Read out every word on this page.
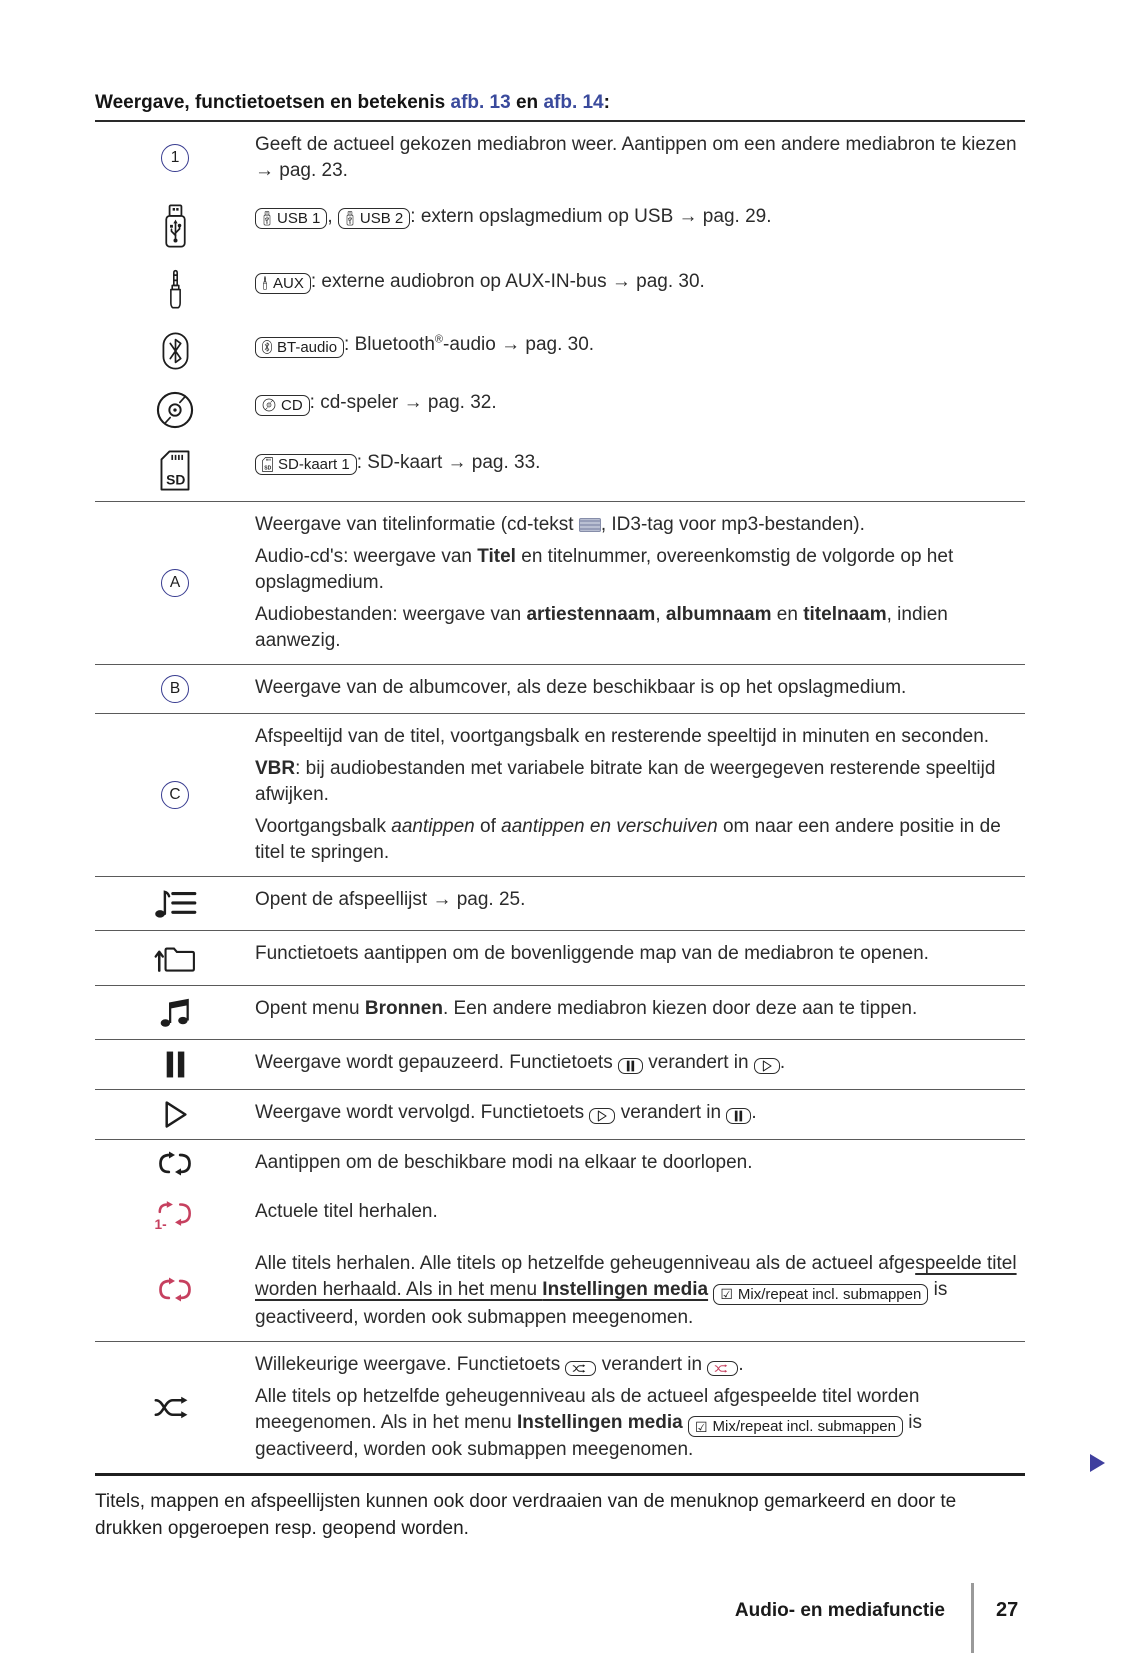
Weergave, functietoetsen en betekenis afb. 13 en afb. 14:
1

Geeft de actueel gekozen mediabron weer. Aantippen om een andere mediabron te kiezen → pag. 23.

USB 1 , USB 2 : extern opslagmedium op USB → pag. 29.

AUX : externe audiobron op AUX-IN-bus → pag. 30.

BT-audio : Bluetooth®-audio → pag. 30.

CD : cd-speler → pag. 32.

SD

SD SD-kaart 1 : SD-kaart → pag. 33.

A

Weergave van titelinformatie (cd-tekst , ID3-tag voor mp3-bestanden).

Audio-cd's: weergave van Titel en titelnummer, overeenkomstig de volgorde op het opslagmedium.

Audiobestanden: weergave van artiestennaam, albumnaam en titelnaam, indien aanwezig.

B	Weergave van de albumcover, als deze beschikbaar is op het opslagmedium.

C

Afspeeltijd van de titel, voortgangsbalk en resterende speeltijd in minuten en seconden.

VBR: bij audiobestanden met variabele bitrate kan de weergegeven resterende speeltijd afwijken.

Voortgangsbalk aantippen of aantippen en verschuiven om naar een andere positie in de titel te springen.

Opent de afspeellijst → pag. 25.

Functietoets aantippen om de bovenliggende map van de mediabron te openen.

Opent menu Bronnen. Een andere mediabron kiezen door deze aan te tippen.

Weergave wordt gepauzeerd. Functietoets
verandert in
.

Weergave wordt vervolgd. Functietoets
verandert in
.

Aantippen om de beschikbare modi na elkaar te doorlopen.

1-

Actuele titel herhalen.

Alle titels herhalen. Alle titels op hetzelfde geheugenniveau als de actueel afgespeelde titel worden herhaald. Als in het menu Instellingen media ☑ Mix/repeat incl. submappen is geactiveerd, worden ook submappen meegenomen.

Willekeurige weergave. Functietoets
verandert in
.

Alle titels op hetzelfde geheugenniveau als de actueel afgespeelde titel worden meegenomen. Als in het menu Instellingen media ☑ Mix/repeat incl. submappen is geactiveerd, worden ook submappen meegenomen.

Titels, mappen en afspeellijsten kunnen ook door verdraaien van de menuknop gemarkeerd en door te drukken opgeroepen resp. geopend worden.
Audio- en mediafunctie	27
